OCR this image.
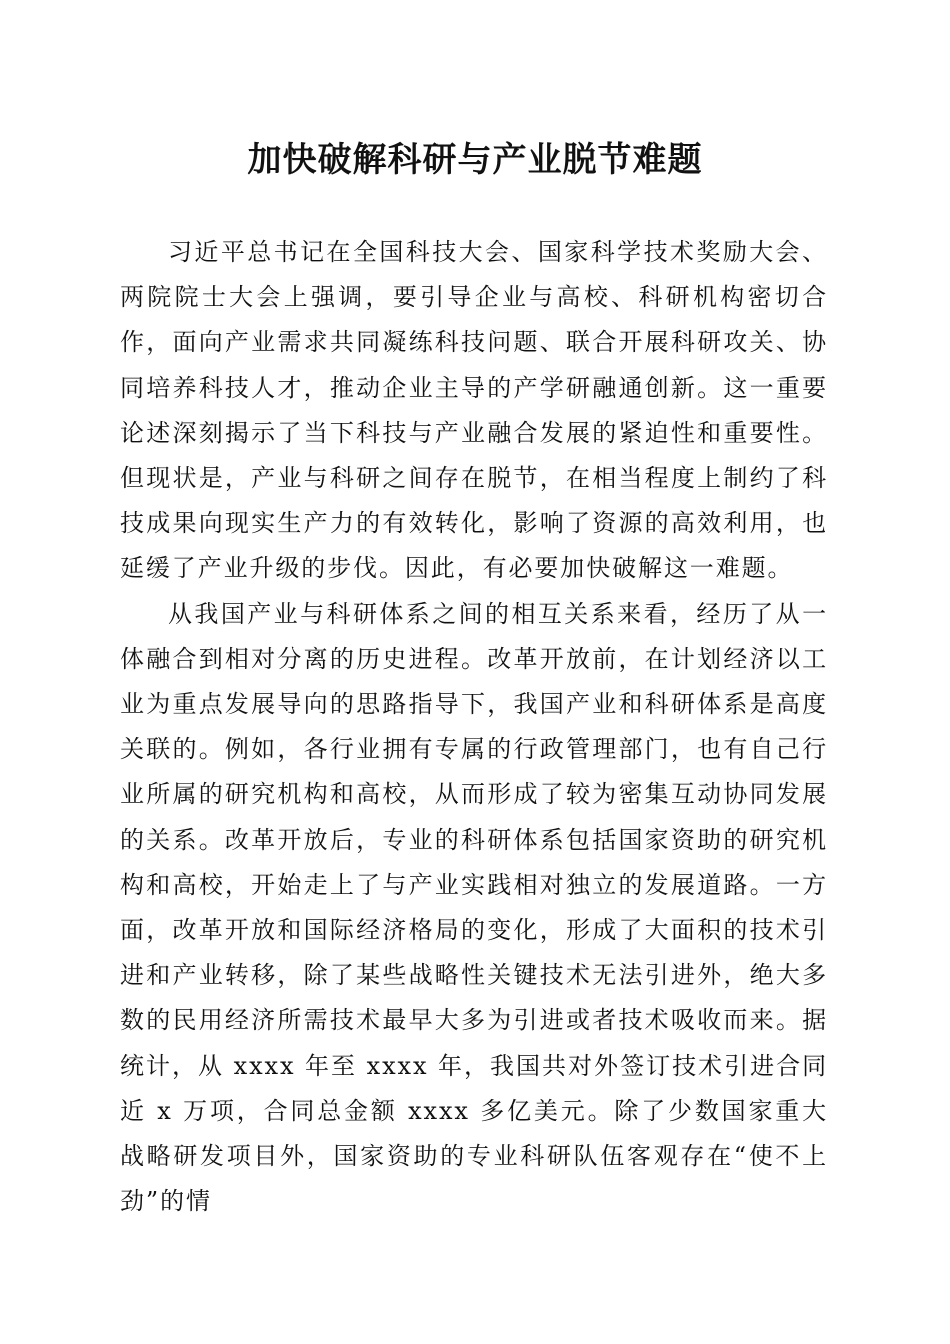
加快破解科研与产业脱节难题

习近平总书记在全国科技大会、国家科学技术奖励大会、两院院士大会上强调，要引导企业与高校、科研机构密切合作，面向产业需求共同凝练科技问题、联合开展科研攻关、协同培养科技人才，推动企业主导的产学研融通创新。这一重要论述深刻揭示了当下科技与产业融合发展的紧迫性和重要性。但现状是，产业与科研之间存在脱节，在相当程度上制约了科技成果向现实生产力的有效转化，影响了资源的高效利用，也延缓了产业升级的步伐。因此，有必要加快破解这一难题。

从我国产业与科研体系之间的相互关系来看，经历了从一体融合到相对分离的历史进程。改革开放前，在计划经济以工业为重点发展导向的思路指导下，我国产业和科研体系是高度关联的。例如，各行业拥有专属的行政管理部门，也有自己行业所属的研究机构和高校，从而形成了较为密集互动协同发展的关系。改革开放后，专业的科研体系包括国家资助的研究机构和高校，开始走上了与产业实践相对独立的发展道路。一方面，改革开放和国际经济格局的变化，形成了大面积的技术引进和产业转移，除了某些战略性关键技术无法引进外，绝大多数的民用经济所需技术最早大多为引进或者技术吸收而来。据统计，从 xxxx 年至 xxxx 年，我国共对外签订技术引进合同近 x 万项，合同总金额 xxxx 多亿美元。除了少数国家重大战略研发项目外，国家资助的专业科研队伍客观存在“使不上劲”的情
